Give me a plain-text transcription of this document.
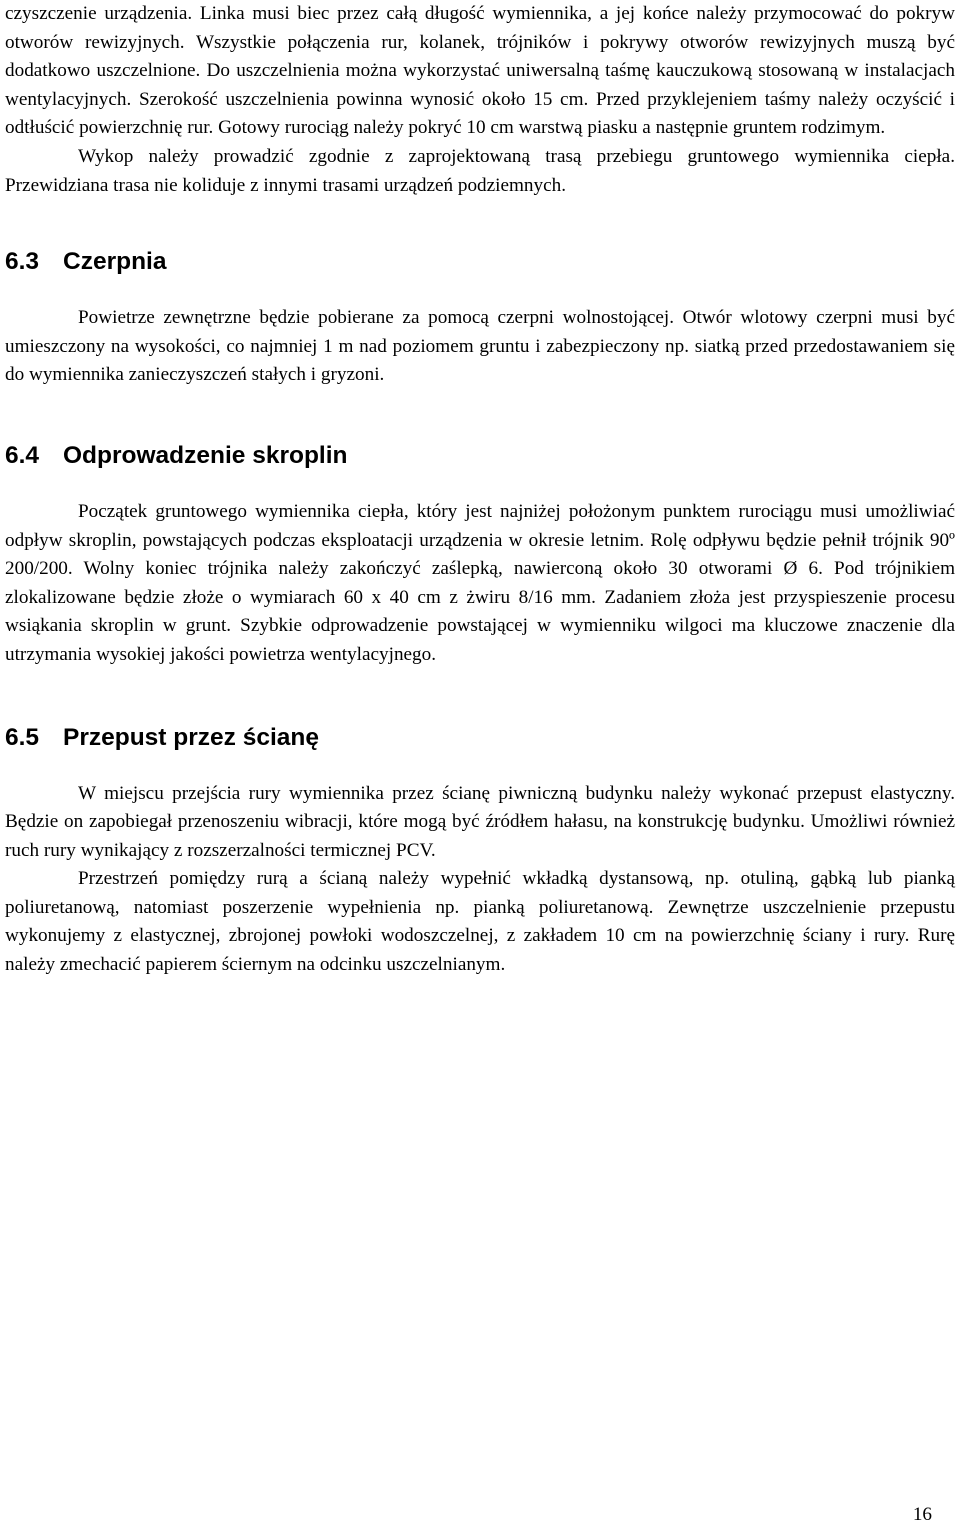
czyszczenie urządzenia. Linka musi biec przez całą długość wymiennika, a jej końce należy przymocować do pokryw otworów rewizyjnych. Wszystkie połączenia rur, kolanek, trójników i pokrywy otworów rewizyjnych muszą być dodatkowo uszczelnione. Do uszczelnienia można wykorzystać uniwersalną taśmę kauczukową stosowaną w instalacjach wentylacyjnych. Szerokość uszczelnienia powinna wynosić około 15 cm. Przed przyklejeniem taśmy należy oczyścić i odtłuścić powierzchnię rur. Gotowy rurociąg należy pokryć 10 cm warstwą piasku a następnie gruntem rodzimym.

Wykop należy prowadzić zgodnie z zaprojektowaną trasą przebiegu gruntowego wymiennika ciepła. Przewidziana trasa nie koliduje z innymi trasami urządzeń podziemnych.

6.3 Czerpnia

Powietrze zewnętrzne będzie pobierane za pomocą czerpni wolnostojącej. Otwór wlotowy czerpni musi być umieszczony na wysokości, co najmniej 1 m nad poziomem gruntu i zabezpieczony np. siatką przed przedostawaniem się do wymiennika zanieczyszczeń stałych i gryzoni.

6.4 Odprowadzenie skroplin

Początek gruntowego wymiennika ciepła, który jest najniżej położonym punktem rurociągu musi umożliwiać odpływ skroplin, powstających podczas eksploatacji urządzenia w okresie letnim. Rolę odpływu będzie pełnił trójnik 90º 200/200. Wolny koniec trójnika należy zakończyć zaślepką, nawierconą około 30 otworami Ø 6. Pod trójnikiem zlokalizowane będzie złoże o wymiarach 60 x 40 cm z żwiru 8/16 mm. Zadaniem złoża jest przyspieszenie procesu wsiąkania skroplin w grunt. Szybkie odprowadzenie powstającej w wymienniku wilgoci ma kluczowe znaczenie dla utrzymania wysokiej jakości powietrza wentylacyjnego.

6.5 Przepust przez ścianę

W miejscu przejścia rury wymiennika przez ścianę piwniczną budynku należy wykonać przepust elastyczny. Będzie on zapobiegał przenoszeniu wibracji, które mogą być źródłem hałasu, na konstrukcję budynku. Umożliwi również ruch rury wynikający z rozszerzalności termicznej PCV.

Przestrzeń pomiędzy rurą a ścianą należy wypełnić wkładką dystansową, np. otuliną, gąbką lub pianką poliuretanową, natomiast poszerzenie wypełnienia np. pianką poliuretanową. Zewnętrze uszczelnienie przepustu wykonujemy z elastycznej, zbrojonej powłoki wodoszczelnej, z zakładem 10 cm na powierzchnię ściany i rury. Rurę należy zmechacić papierem ściernym na odcinku uszczelnianym.

16
